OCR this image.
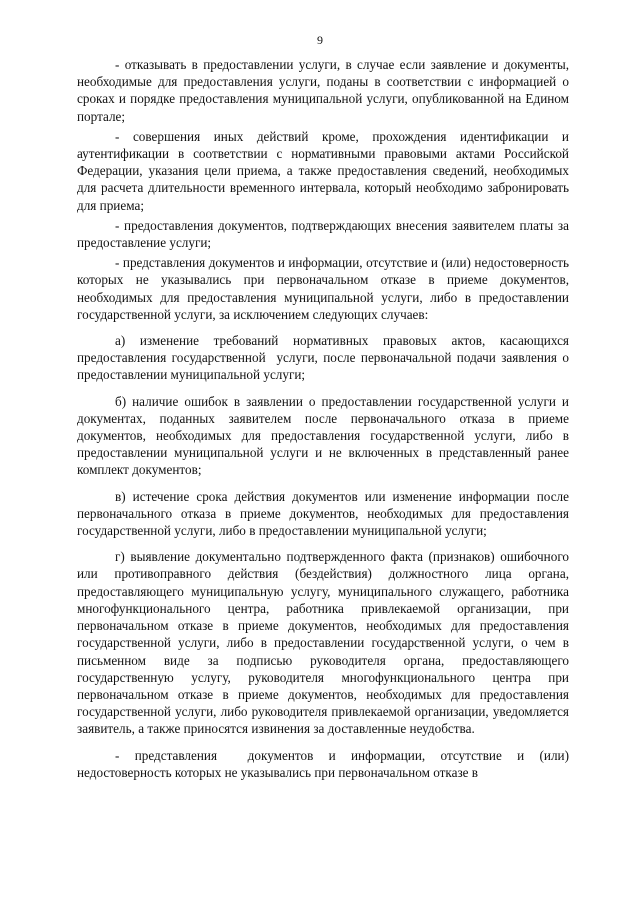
9

- отказывать в предоставлении услуги, в случае если заявление и документы, необходимые для предоставления услуги, поданы в соответствии с информацией о сроках и порядке предоставления муниципальной услуги, опубликованной на Едином портале;

- совершения иных действий кроме, прохождения идентификации и аутентификации в соответствии с нормативными правовыми актами Российской Федерации, указания цели приема, а также предоставления сведений, необходимых для расчета длительности временного интервала, который необходимо забронировать для приема;

- предоставления документов, подтверждающих внесения заявителем платы за предоставление услуги;

- представления документов и информации, отсутствие и (или) недостоверность которых не указывались при первоначальном отказе в приеме документов, необходимых для предоставления муниципальной услуги, либо в предоставлении государственной услуги, за исключением следующих случаев:

а) изменение требований нормативных правовых актов, касающихся предоставления государственной  услуги, после первоначальной подачи заявления о предоставлении муниципальной услуги;

б) наличие ошибок в заявлении о предоставлении государственной услуги и документах, поданных заявителем после первоначального отказа в приеме документов, необходимых для предоставления государственной услуги, либо в предоставлении муниципальной услуги и не включенных в представленный ранее комплект документов;

в) истечение срока действия документов или изменение информации после первоначального отказа в приеме документов, необходимых для предоставления государственной услуги, либо в предоставлении муниципальной услуги;

г) выявление документально подтвержденного факта (признаков) ошибочного или противоправного действия (бездействия) должностного лица органа, предоставляющего муниципальную услугу, муниципального служащего, работника многофункционального центра, работника привлекаемой организации, при первоначальном отказе в приеме документов, необходимых для предоставления государственной услуги, либо в предоставлении государственной услуги, о чем в письменном виде за подписью руководителя органа, предоставляющего государственную услугу, руководителя многофункционального центра при первоначальном отказе в приеме документов, необходимых для предоставления государственной услуги, либо руководителя привлекаемой организации, уведомляется заявитель, а также приносятся извинения за доставленные неудобства.

- представления  документов и информации, отсутствие и (или) недостоверность которых не указывались при первоначальном отказе в
